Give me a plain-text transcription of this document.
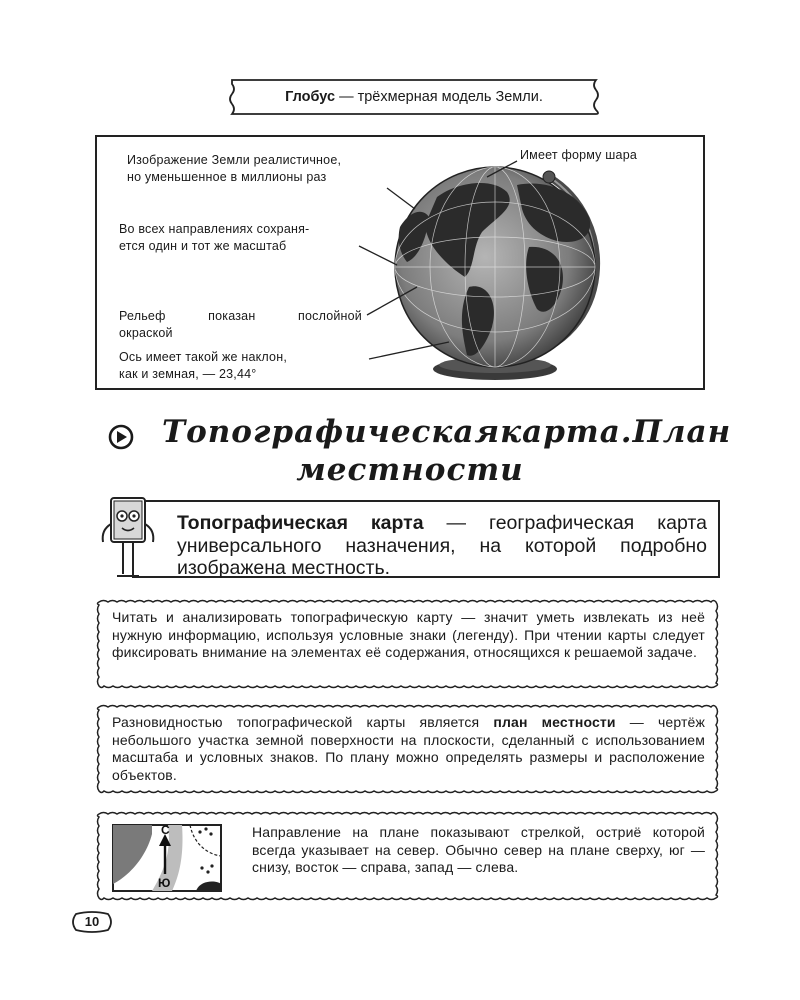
Глобус — трёхмерная модель Земли.
Изображение Земли реалистичное,
но уменьшенное в миллионы раз
Имеет форму шара
Во всех направлениях сохраня-
ется один и тот же масштаб
Рельеф	показан	послойной
окраской
Ось имеет такой же наклон,
как и земная, — 23,44°
Топографическая карта. План
местности
Топографическая карта — географическая карта универсального назначения, на которой подробно изображена местность.
Читать и анализировать топографическую карту — значит уметь извлекать из неё нужную информацию, используя условные знаки (легенду). При чтении карты следует фиксировать внимание на элементах её содержания, относящихся к решаемой задаче.
Разновидностью топографической карты является план местности — чертёж небольшого участка земной поверхности на плоскости, сделанный с использованием масштаба и условных знаков. По плану можно определять размеры и расположение объектов.
С
Ю
Направление на плане показывают стрелкой, остриё которой всегда указывает на север. Обычно север на плане сверху, юг — снизу, восток — справа, запад — слева.
10
